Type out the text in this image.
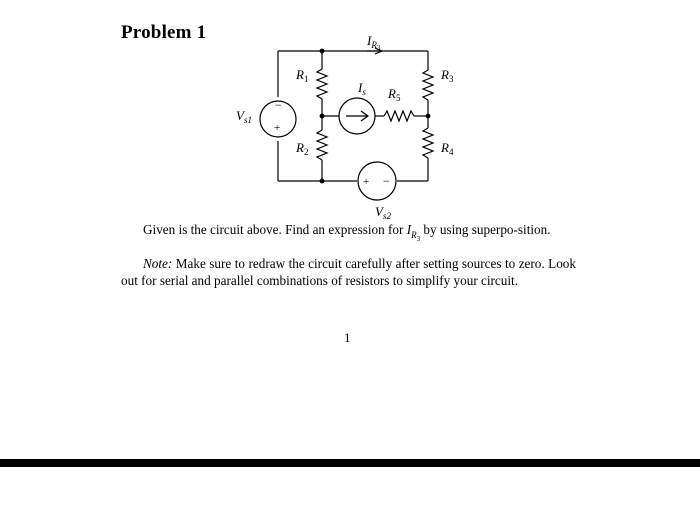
Problem 1	IR3
R1
R2
R3
R4
R5
Is
Vs1
Vs2
−
+
+ −
Given is the circuit above. Find an expression for $I_{R_3}$ by using superpo-sition.
Note: Make sure to redraw the circuit carefully after setting sources to zero. Look out for serial and parallel combinations of resistors to simplify your circuit.
1
